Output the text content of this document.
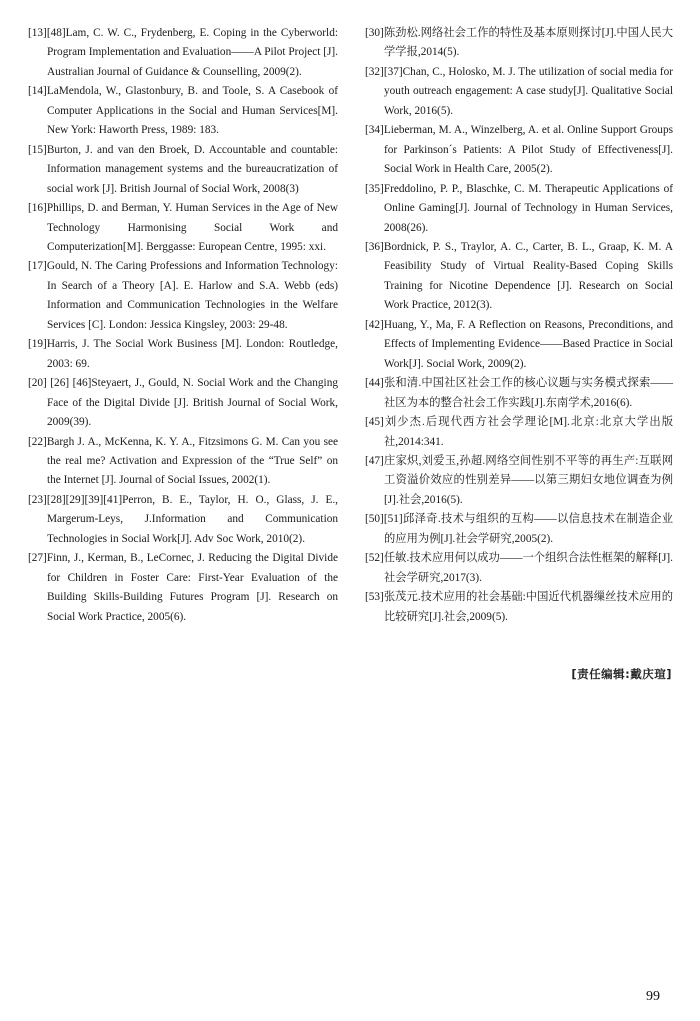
[13][48]Lam, C. W. C., Frydenberg, E. Coping in the Cyberworld: Program Implementation and Evaluation——A Pilot Project [J]. Australian Journal of Guidance & Counselling, 2009(2).

[14]LaMendola, W., Glastonbury, B. and Toole, S. A Casebook of Computer Applications in the Social and Human Services[M]. New York: Haworth Press, 1989: 183.

[15]Burton, J. and van den Broek, D. Accountable and countable: Information management systems and the bureaucratization of social work [J]. British Journal of Social Work, 2008(3)

[16]Phillips, D. and Berman, Y. Human Services in the Age of New Technology Harmonising Social Work and Computerization[M]. Berggasse: European Centre, 1995: xxi.

[17]Gould, N. The Caring Professions and Information Technology: In Search of a Theory [A]. E. Harlow and S.A. Webb (eds) Information and Communication Technologies in the Welfare Services [C]. London: Jessica Kingsley, 2003: 29-48.

[19]Harris, J. The Social Work Business [M]. London: Routledge, 2003: 69.

[20] [26] [46]Steyaert, J., Gould, N. Social Work and the Changing Face of the Digital Divide [J]. British Journal of Social Work, 2009(39).

[22]Bargh J. A., McKenna, K. Y. A., Fitzsimons G. M. Can you see the real me? Activation and Expression of the “True Self” on the Internet [J]. Journal of Social Issues, 2002(1).

[23][28][29][39][41]Perron, B. E., Taylor, H. O., Glass, J. E., Margerum-Leys, J.Information and Communication Technologies in Social Work[J]. Adv Soc Work, 2010(2).

[27]Finn, J., Kerman, B., LeCornec, J. Reducing the Digital Divide for Children in Foster Care: First-Year Evaluation of the Building Skills-Building Futures Program [J]. Research on Social Work Practice, 2005(6).

[30]陈劲松.网络社会工作的特性及基本原则探讨[J].中国人民大学学报,2014(5).

[32][37]Chan, C., Holosko, M. J. The utilization of social media for youth outreach engagement: A case study[J]. Qualitative Social Work, 2016(5).

[34]Lieberman, M. A., Winzelberg, A. et al. Online Support Groups for Parkinson´s Patients: A Pilot Study of Effectiveness[J]. Social Work in Health Care, 2005(2).

[35]Freddolino, P. P., Blaschke, C. M. Therapeutic Applications of Online Gaming[J]. Journal of Technology in Human Services, 2008(26).

[36]Bordnick, P. S., Traylor, A. C., Carter, B. L., Graap, K. M. A Feasibility Study of Virtual Reality-Based Coping Skills Training for Nicotine Dependence [J]. Research on Social Work Practice, 2012(3).

[42]Huang, Y., Ma, F. A Reflection on Reasons, Preconditions, and Effects of Implementing Evidence——Based Practice in Social Work[J]. Social Work, 2009(2).

[44]张和清.中国社区社会工作的核心议题与实务模式探索——社区为本的整合社会工作实践[J].东南学术,2016(6).

[45]刘少杰.后现代西方社会学理论[M].北京:北京大学出版社,2014:341.

[47]庄家炽,刘爱玉,孙超.网络空间性别不平等的再生产:互联网工资溢价效应的性别差异——以第三期妇女地位调查为例[J].社会,2016(5).

[50][51]邱泽奇.技术与组织的互构——以信息技术在制造企业的应用为例[J].社会学研究,2005(2).

[52]任敏.技术应用何以成功——一个组织合法性框架的解释[J].社会学研究,2017(3).

[53]张茂元.技术应用的社会基础:中国近代机器缫丝技术应用的比较研究[J].社会,2009(5).

[责任编辑:戴庆瑄]
99
